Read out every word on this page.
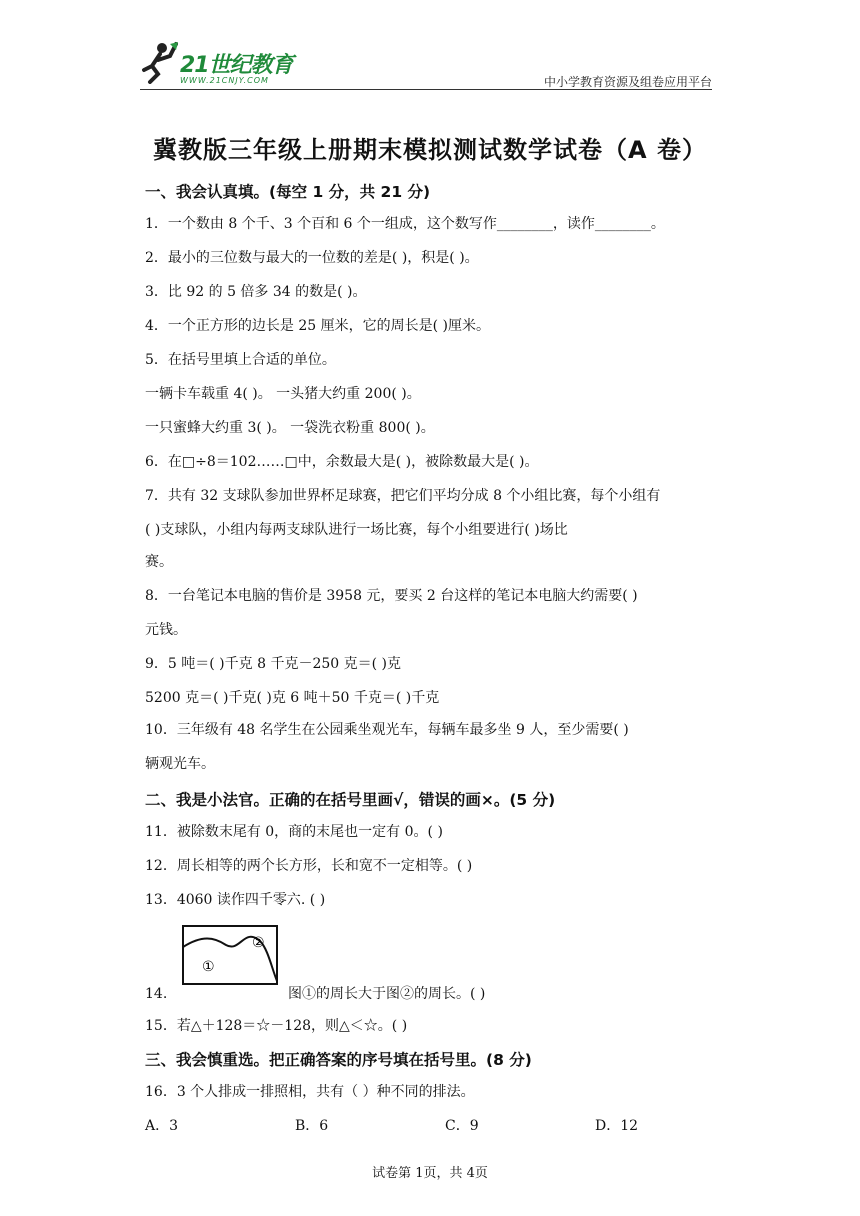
21世纪教育
WWW.21CNJY.COM	中小学教育资源及组卷应用平台
冀教版三年级上册期末模拟测试数学试卷（A 卷）
一、我会认真填。(每空 1 分，共 21 分)
1．一个数由 8 个千、3 个百和 6 个一组成，这个数写作________，读作________。
2．最小的三位数与最大的一位数的差是( )，积是( )。
3．比 92 的 5 倍多 34 的数是( )。
4．一个正方形的边长是 25 厘米，它的周长是( )厘米。
5．在括号里填上合适的单位。
一辆卡车载重 4( )。 一头猪大约重 200( )。
一只蜜蜂大约重 3( )。 一袋洗衣粉重 800( )。
6．在□÷8＝102……□中，余数最大是( )，被除数最大是( )。
7．共有 32 支球队参加世界杯足球赛，把它们平均分成 8 个小组比赛，每个小组有
( )支球队，小组内每两支球队进行一场比赛，每个小组要进行( )场比
赛。
8．一台笔记本电脑的售价是 3958 元，要买 2 台这样的笔记本电脑大约需要( )
元钱。
9．5 吨＝( )千克 8 千克－250 克＝( )克
5200 克＝( )千克( )克 6 吨＋50 千克＝( )千克
10．三年级有 48 名学生在公园乘坐观光车，每辆车最多坐 9 人，至少需要( )
辆观光车。
二、我是小法官。正确的在括号里画√，错误的画×。(5 分)
11．被除数末尾有 0，商的末尾也一定有 0。( )
12．周长相等的两个长方形，长和宽不一定相等。( )
13．4060 读作四千零六. ( )
14.
①
②
图①的周长大于图②的周长。( )
15．若△＋128＝☆－128，则△＜☆。( )
三、我会慎重选。把正确答案的序号填在括号里。(8 分)
16．3 个人排成一排照相，共有（ ）种不同的排法。
A．3	B．6	C．9	D．12
试卷第 1页，共 4页
